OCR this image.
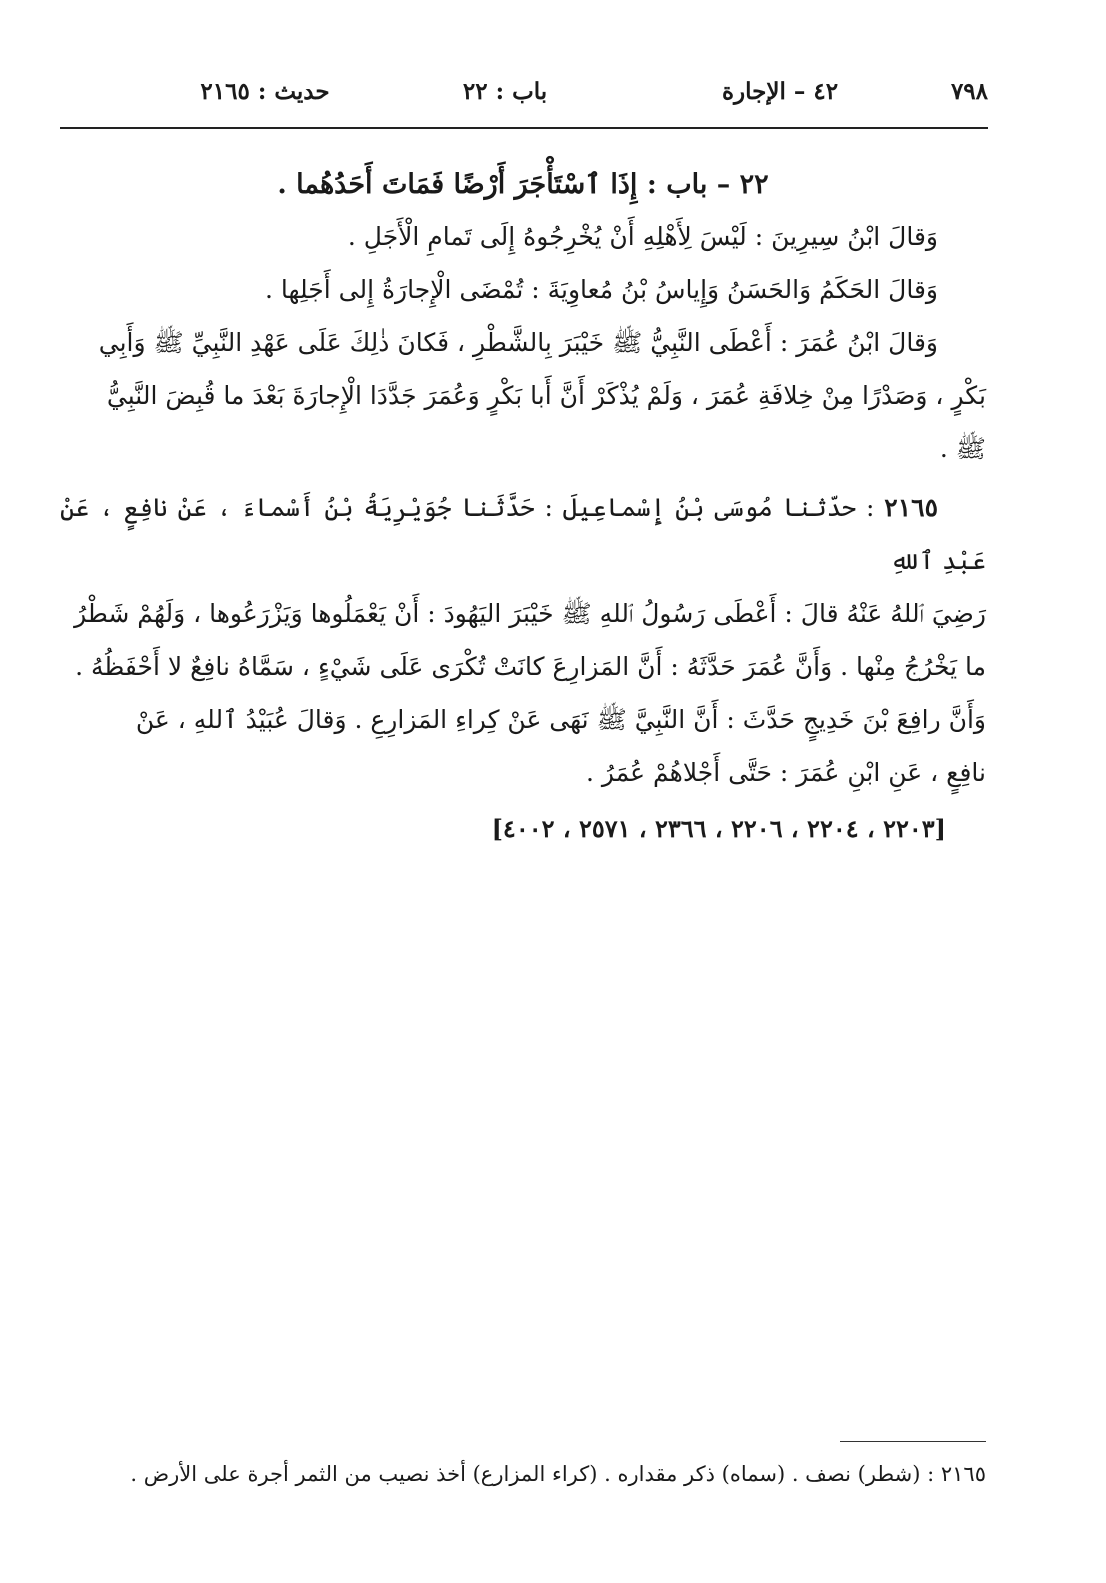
٧٩٨
٤٢ – الإجارة
باب : ٢٢
حديث : ٢١٦٥
٢٢ – باب : إِذَا ٱسْتَأْجَرَ أَرْضًا فَمَاتَ أَحَدُهُما .

وَقالَ ابْنُ سِيرِينَ : لَيْسَ لِأَهْلِهِ أَنْ يُخْرِجُوهُ إِلَى تَمامِ الْأَجَلِ .

وَقالَ الحَكَمُ وَالحَسَنُ وَإِياسُ بْنُ مُعاوِيَةَ : تُمْضَى الْإِجارَةُ إِلى أَجَلِها .

وَقالَ ابْنُ عُمَرَ : أَعْطَى النَّبِيُّ ﷺ خَيْبَرَ بِالشَّطْرِ ، فَكانَ ذٰلِكَ عَلَى عَهْدِ النَّبِيِّ ﷺ وَأَبِي

بَكْرٍ ، وَصَدْرًا مِنْ خِلافَةِ عُمَرَ ، وَلَمْ يُذْكَرْ أَنَّ أَبا بَكْرٍ وَعُمَرَ جَدَّدَا الْإِجارَةَ بَعْدَ ما قُبِضَ النَّبِيُّ

ﷺ .

٢١٦٥ : حدّثنا مُوسَى بْنُ إِسْماعِيلَ : حَدَّثَنا جُوَيْرِيَةُ بْنُ أَسْماءَ ، عَنْ نافِعٍ ، عَنْ عَبْدِ ٱللهِ

رَضِيَ ٱللهُ عَنْهُ قالَ : أَعْطَى رَسُولُ ٱللهِ ﷺ خَيْبَرَ اليَهُودَ : أَنْ يَعْمَلُوها وَيَزْرَعُوها ، وَلَهُمْ شَطْرُ

ما يَخْرُجُ مِنْها . وَأَنَّ عُمَرَ حَدَّثَهُ : أَنَّ المَزارِعَ كانَتْ تُكْرَى عَلَى شَيْءٍ ، سَمَّاهُ نافِعٌ لا أَحْفَظُهُ .

وَأَنَّ رافِعَ بْنَ خَدِيجٍ حَدَّثَ : أَنَّ النَّبِيَّ ﷺ نَهَى عَنْ كِراءِ المَزارِعِ . وَقالَ عُبَيْدُ ٱللهِ ، عَنْ

نافِعٍ ، عَنِ ابْنِ عُمَرَ : حَتَّى أَجْلاهُمْ عُمَرُ .

[٢٢٠٣ ، ٢٢٠٤ ، ٢٢٠٦ ، ٢٣٦٦ ، ٢٥٧١ ، ٤٠٠٢]
٢١٦٥ : (شطر) نصف . (سماه) ذكر مقداره . (كراء المزارع) أخذ نصيب من الثمر أجرة على الأرض .
